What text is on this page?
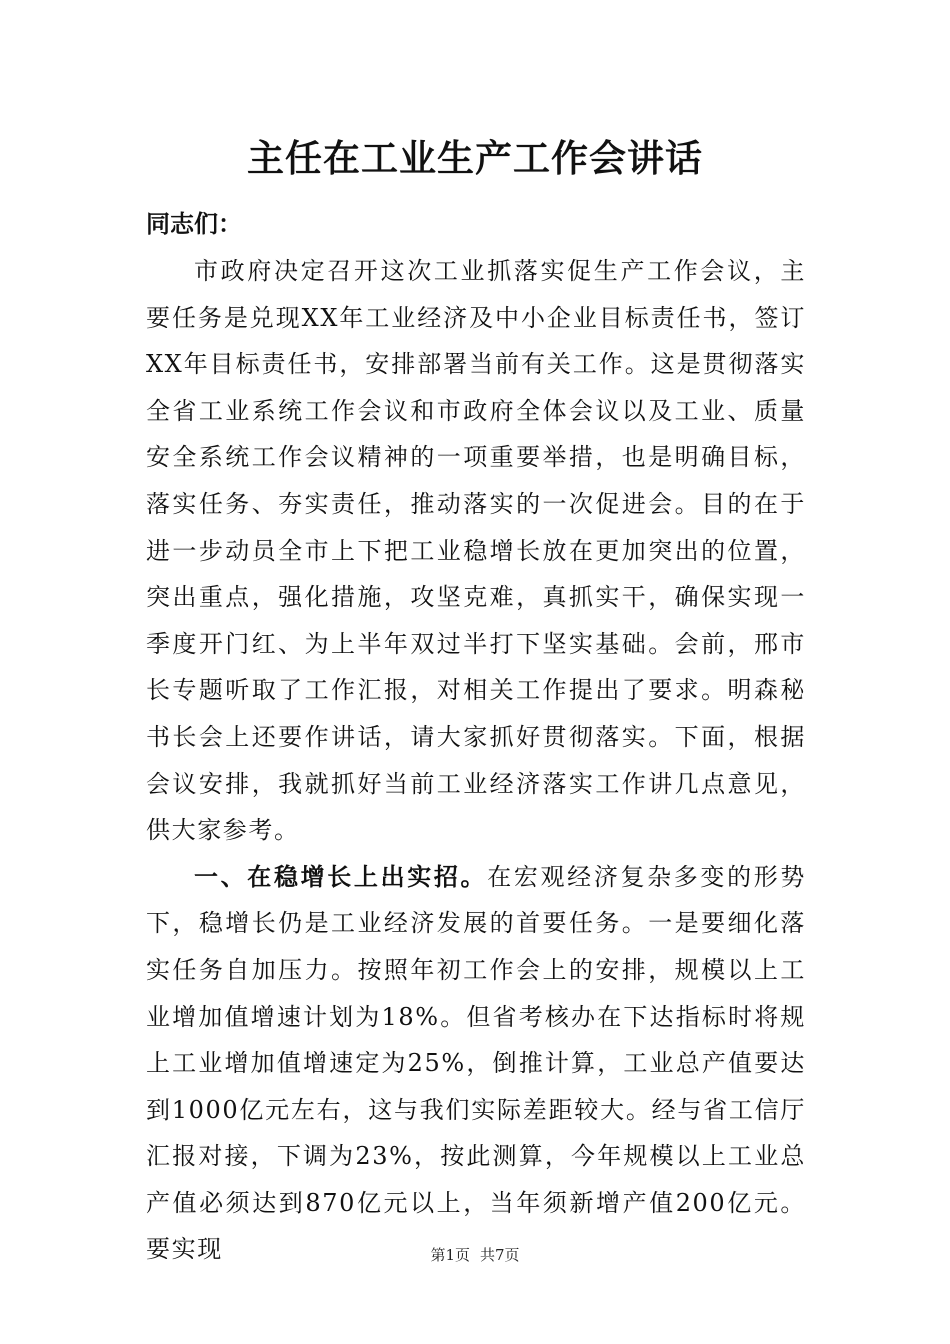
主任在工业生产工作会讲话
同志们：

市政府决定召开这次工业抓落实促生产工作会议，主要任务是兑现XX年工业经济及中小企业目标责任书，签订XX年目标责任书，安排部署当前有关工作。这是贯彻落实全省工业系统工作会议和市政府全体会议以及工业、质量安全系统工作会议精神的一项重要举措，也是明确目标，落实任务、夯实责任，推动落实的一次促进会。目的在于进一步动员全市上下把工业稳增长放在更加突出的位置，突出重点，强化措施，攻坚克难，真抓实干，确保实现一季度开门红、为上半年双过半打下坚实基础。会前，邢市长专题听取了工作汇报，对相关工作提出了要求。明森秘书长会上还要作讲话，请大家抓好贯彻落实。下面，根据会议安排，我就抓好当前工业经济落实工作讲几点意见，供大家参考。

一、在稳增长上出实招。在宏观经济复杂多变的形势下，稳增长仍是工业经济发展的首要任务。一是要细化落实任务自加压力。按照年初工作会上的安排，规模以上工业增加值增速计划为18%。但省考核办在下达指标时将规上工业增加值增速定为25%，倒推计算，工业总产值要达到1000亿元左右，这与我们实际差距较大。经与省工信厅汇报对接，下调为23%，按此测算，今年规模以上工业总产值必须达到870亿元以上，当年须新增产值200亿元。要实现	第1页 共7页
